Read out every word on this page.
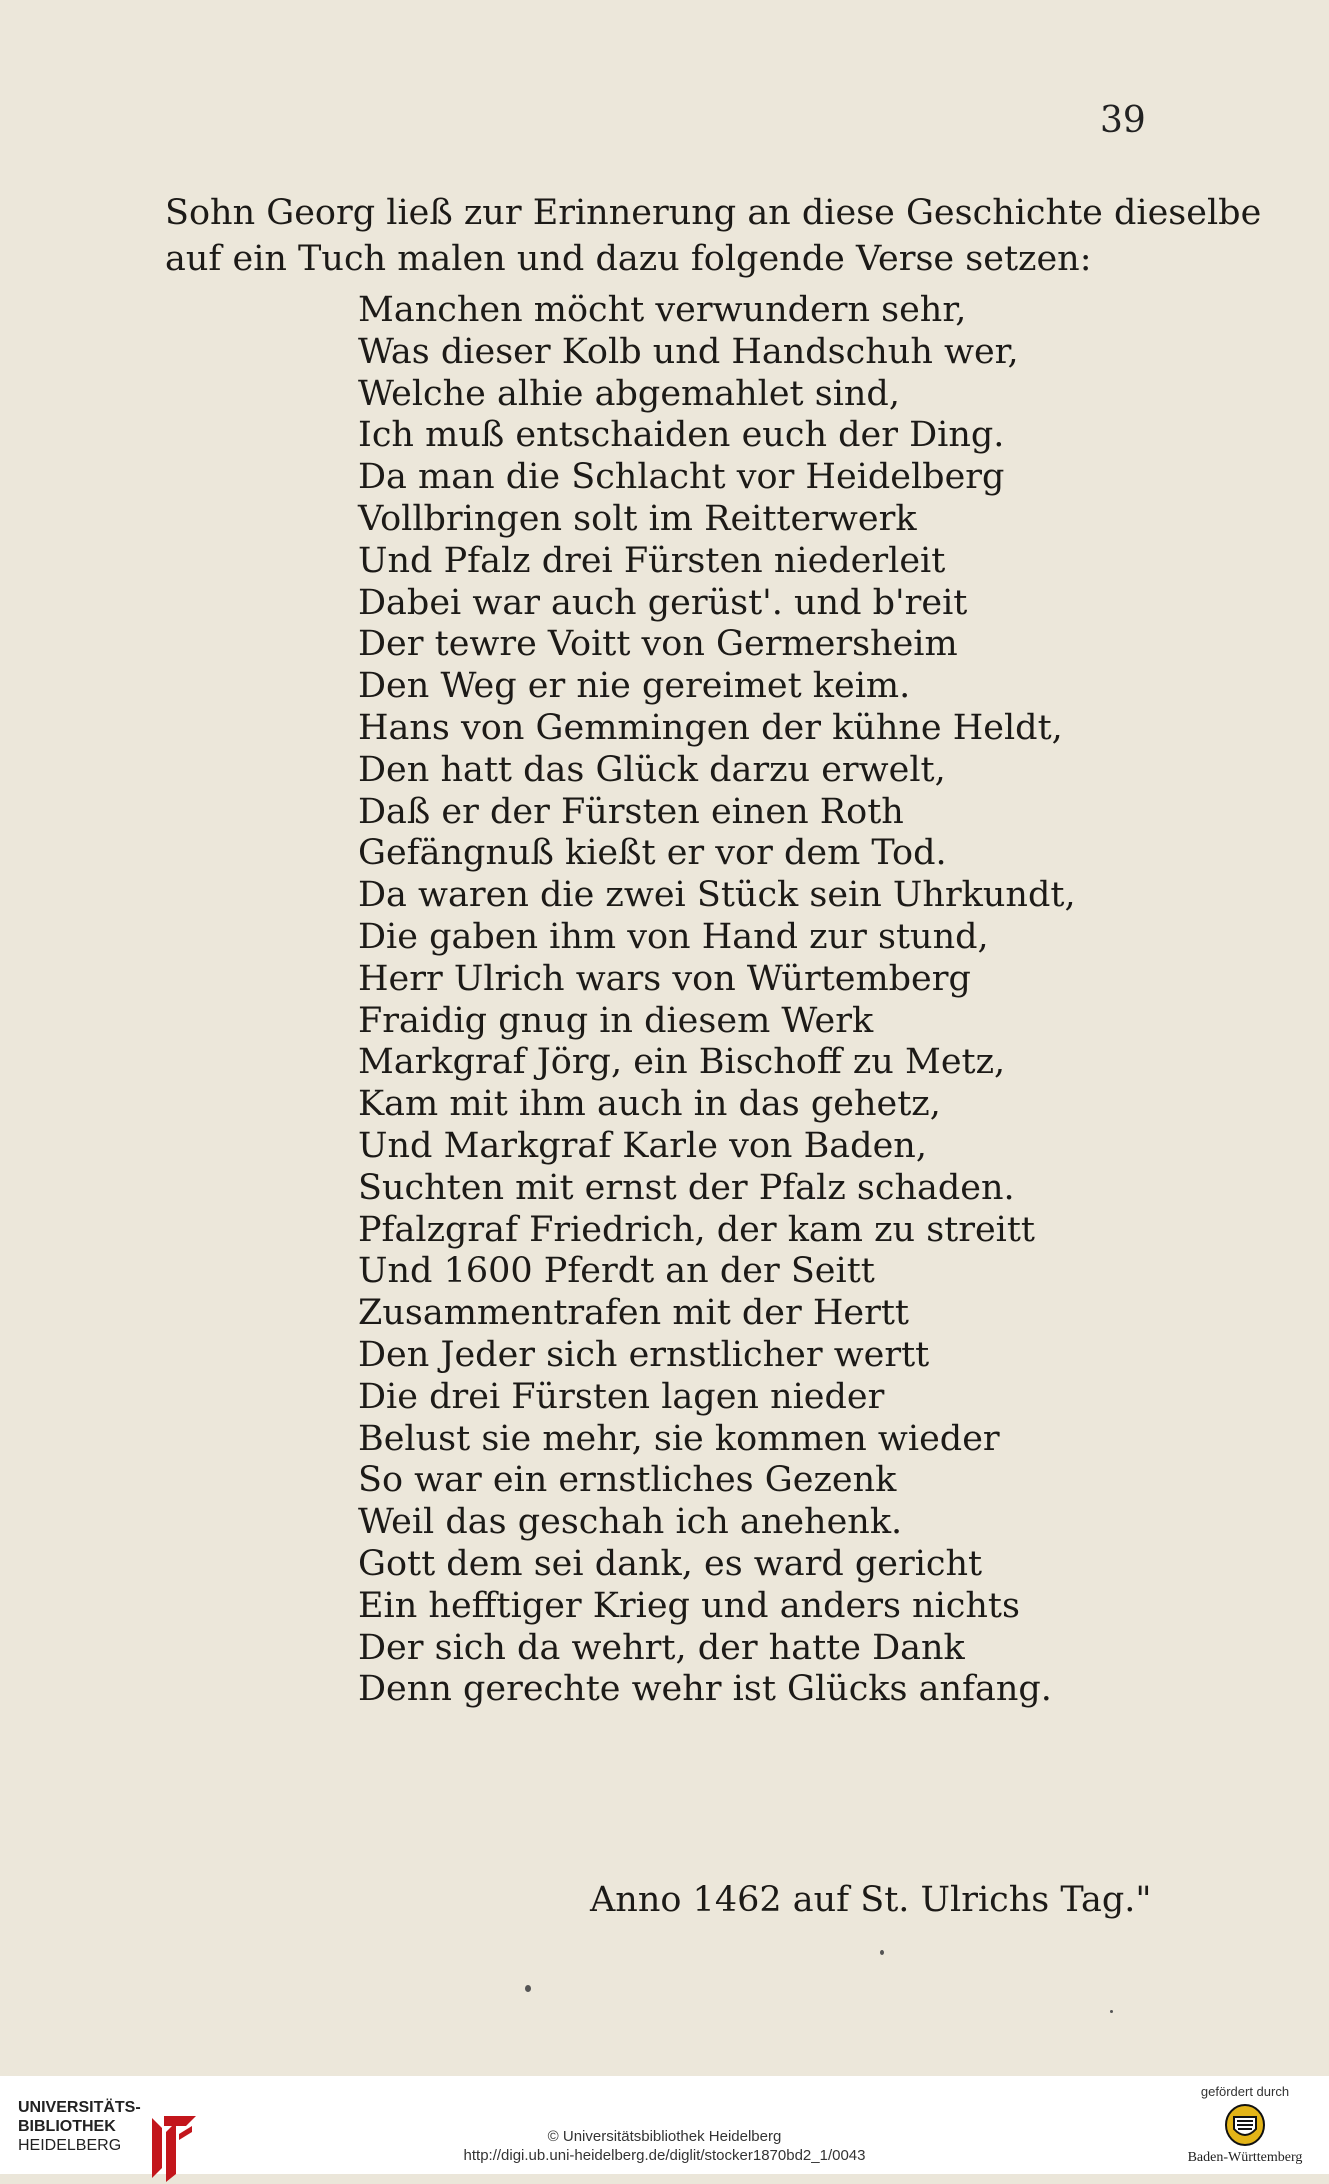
39

Sohn Georg ließ zur Erinnerung an diese Geschichte dieselbe

auf ein Tuch malen und dazu folgende Verse setzen:

Manchen möcht verwundern sehr,

Was dieser Kolb und Handschuh wer,

Welche alhie abgemahlet sind,

Ich muß entschaiden euch der Ding.

Da man die Schlacht vor Heidelberg

Vollbringen solt im Reitterwerk

Und Pfalz drei Fürsten niederleit

Dabei war auch gerüst'. und b'reit

Der tewre Voitt von Germersheim

Den Weg er nie gereimet keim.

Hans von Gemmingen der kühne Heldt,

Den hatt das Glück darzu erwelt,

Daß er der Fürsten einen Roth

Gefängnuß kießt er vor dem Tod.

Da waren die zwei Stück sein Uhrkundt,

Die gaben ihm von Hand zur stund,

Herr Ulrich wars von Würtemberg

Fraidig gnug in diesem Werk

Markgraf Jörg, ein Bischoff zu Metz,

Kam mit ihm auch in das gehetz,

Und Markgraf Karle von Baden,

Suchten mit ernst der Pfalz schaden.

Pfalzgraf Friedrich, der kam zu streitt

Und 1600 Pferdt an der Seitt

Zusammentrafen mit der Hertt

Den Jeder sich ernstlicher wertt

Die drei Fürsten lagen nieder

Belust sie mehr, sie kommen wieder

So war ein ernstliches Gezenk

Weil das geschah ich anehenk.

Gott dem sei dank, es ward gericht

Ein hefftiger Krieg und anders nichts

Der sich da wehrt, der hatte Dank

Denn gerechte wehr ist Glücks anfang.

Anno 1462 auf St. Ulrichs Tag."

UNIVERSITÄTS-

BIBLIOTHEK

HEIDELBERG

© Universitätsbibliothek Heidelberg

http://digi.ub.uni-heidelberg.de/diglit/stocker1870bd2_1/0043

gefördert durch

Baden-Württemberg
